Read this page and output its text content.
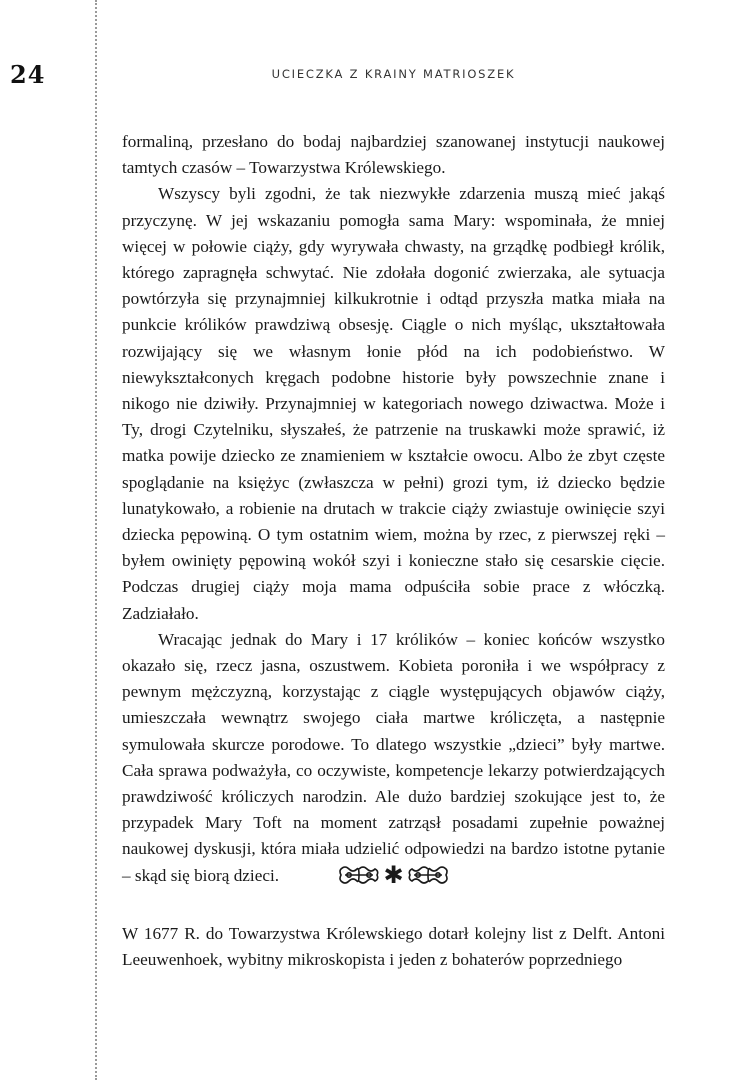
24	UCIECZKA Z KRAINY MATRIOSZEK

formaliną, przesłano do bodaj najbardziej szanowanej instytucji naukowej tamtych czasów – Towarzystwa Królewskiego.

Wszyscy byli zgodni, że tak niezwykłe zdarzenia muszą mieć jakąś przyczynę. W jej wskazaniu pomogła sama Mary: wspominała, że mniej więcej w połowie ciąży, gdy wyrywała chwasty, na grządkę podbiegł królik, którego zapragnęła schwytać. Nie zdołała dogonić zwierzaka, ale sytuacja powtórzyła się przynajmniej kilkukrotnie i odtąd przyszła matka miała na punkcie królików prawdziwą obsesję. Ciągle o nich myśląc, ukształtowała rozwijający się we własnym łonie płód na ich podobieństwo. W niewykształconych kręgach podobne historie były powszechnie znane i nikogo nie dziwiły. Przynajmniej w kategoriach nowego dziwactwa. Może i Ty, drogi Czytelniku, słyszałeś, że patrzenie na truskawki może sprawić, iż matka powije dziecko ze znamieniem w kształcie owocu. Albo że zbyt częste spoglądanie na księżyc (zwłaszcza w pełni) grozi tym, iż dziecko będzie lunatykowało, a robienie na drutach w trakcie ciąży zwiastuje owinięcie szyi dziecka pępowiną. O tym ostatnim wiem, można by rzec, z pierwszej ręki – byłem owinięty pępowiną wokół szyi i konieczne stało się cesarskie cięcie. Podczas drugiej ciąży moja mama odpuściła sobie prace z włóczką. Zadziałało.

Wracając jednak do Mary i 17 królików – koniec końców wszystko okazało się, rzecz jasna, oszustwem. Kobieta poroniła i we współpracy z pewnym mężczyzną, korzystając z ciągle występujących objawów ciąży, umieszczała wewnątrz swojego ciała martwe króliczęta, a następnie symulowała skurcze porodowe. To dlatego wszystkie „dzieci” były martwe. Cała sprawa podważyła, co oczywiste, kompetencje lekarzy potwierdzających prawdziwość króliczych narodzin. Ale dużo bardziej szokujące jest to, że przypadek Mary Toft na moment zatrząsł posadami zupełnie poważnej naukowej dyskusji, która miała udzielić odpowiedzi na bardzo istotne pytanie – skąd się biorą dzieci.	✱

W 1677 R. do Towarzystwa Królewskiego dotarł kolejny list z Delft. Antoni Leeuwenhoek, wybitny mikroskopista i jeden z bohaterów poprzedniego
